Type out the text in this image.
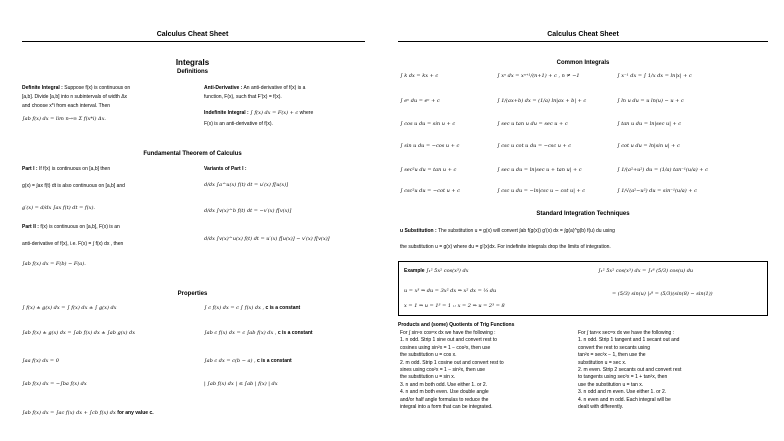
Calculus Cheat Sheet
Integrals
Definitions
Definite Integral : Suppose f(x) is continuous on
[a,b]. Divide [a,b] into n subintervals of width Δx
and choose x*i from each interval. Then
∫ab f(x) dx = lim n→∞ Σ f(x*i) Δx.
Anti-Derivative : An anti-derivative of f(x) is a
function, F(x), such that F′(x) = f(x).
Indefinite Integral : ∫ f(x) dx = F(x) + c where
F(x) is an anti-derivative of f(x).
Fundamental Theorem of Calculus
Part I : If f(x) is continuous on [a,b] then
g(x) = ∫ax f(t) dt is also continuous on [a,b] and
g′(x) = d/dx ∫ax f(t) dt = f(x).
Part II : f(x) is continuous on [a,b], F(x) is an
anti-derivative of f(x), i.e. F(x) = ∫ f(x) dx , then
∫ab f(x) dx = F(b) − F(a).
Variants of Part I :
d/dx ∫a^u(x) f(t) dt = u′(x) f[u(x)]
d/dx ∫v(x)^b f(t) dt = −v′(x) f[v(x)]
d/dx ∫v(x)^u(x) f(t) dt = u′(x) f[u(x)] − v′(x) f[v(x)]
Properties
∫ f(x) ± g(x) dx = ∫ f(x) dx ± ∫ g(x) dx	∫ c f(x) dx = c ∫ f(x) dx , c is a constant
∫ab f(x) ± g(x) dx = ∫ab f(x) dx ± ∫ab g(x) dx	∫ab c f(x) dx = c ∫ab f(x) dx , c is a constant
∫aa f(x) dx = 0	∫ab c dx = c(b − a) , c is a constant
∫ab f(x) dx = −∫ba f(x) dx	| ∫ab f(x) dx | ≤ ∫ab | f(x) | dx
∫ab f(x) dx = ∫ac f(x) dx + ∫cb f(x) dx for any value c.
Calculus Cheat Sheet
Common Integrals
∫ k dx = kx + c	∫ xⁿ dx = xⁿ⁺¹/(n+1) + c , n ≠ −1	∫ x⁻¹ dx = ∫ 1/x dx = ln|x| + c
∫ eᵘ du = eᵘ + c	∫ 1/(ax+b) dx = (1/a) ln|ax + b| + c	∫ ln u du = u ln(u) − u + c
∫ cos u du = sin u + c	∫ sec u tan u du = sec u + c	∫ tan u du = ln|sec u| + c
∫ sin u du = −cos u + c	∫ csc u cot u du = −csc u + c	∫ cot u du = ln|sin u| + c
∫ sec²u du = tan u + c	∫ sec u du = ln|sec u + tan u| + c	∫ 1/(a²+u²) du = (1/a) tan⁻¹(u/a) + c
∫ csc²u du = −cot u + c	∫ csc u du = −ln|csc u − cot u| + c	∫ 1/√(a²−u²) du = sin⁻¹(u/a) + c
Standard Integration Techniques
u Substitution : The substitution u = g(x) will convert ∫ab f(g(x)) g′(x) dx = ∫g(a)^g(b) f(u) du using
the substitution u = g(x) where du = g′(x)dx. For indefinite integrals drop the limits of integration.
Example ∫₁² 5x² cos(x³) dx
u = x³ ⇒ du = 3x² dx ⇒ x² dx = ⅓ du
x = 1 ⇒ u = 1³ = 1 :: x = 2 ⇒ u = 2³ = 8
∫₁² 5x² cos(x³) dx = ∫₁⁸ (5/3) cos(u) du
= (5/3) sin(u) |₁⁸ = (5/3)(sin(8) − sin(1))
Products and (some) Quotients of Trig Functions
For ∫ sinⁿx cosᵐx dx we have the following :
1. n odd. Strip 1 sine out and convert rest to
cosines using sin²x = 1 − cos²x, then use
the substitution u = cos x.
2. m odd. Strip 1 cosine out and convert rest to
sines using cos²x = 1 − sin²x, then use
the substitution u = sin x.
3. n and m both odd. Use either 1. or 2.
4. n and m both even. Use double angle
and/or half angle formulas to reduce the
integral into a form that can be integrated.
For ∫ tanⁿx secᵐx dx we have the following :
1. n odd. Strip 1 tangent and 1 secant out and
convert the rest to secants using
tan²x = sec²x − 1, then use the
substitution u = sec x.
2. m even. Strip 2 secants out and convert rest
to tangents using sec²x = 1 + tan²x, then
use the substitution u = tan x.
3. n odd and m even. Use either 1. or 2.
4. n even and m odd. Each integral will be
dealt with differently.
